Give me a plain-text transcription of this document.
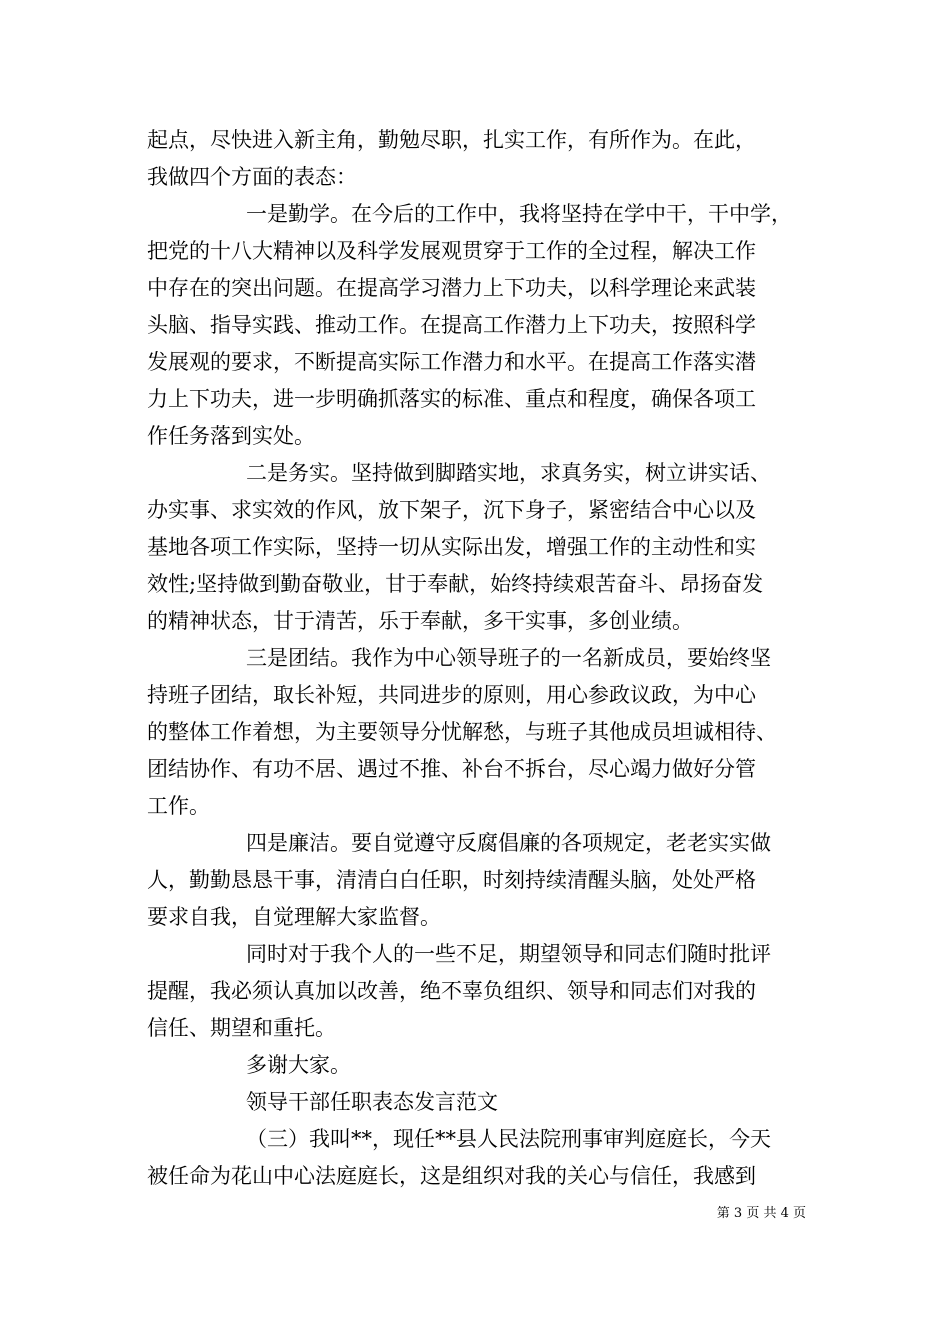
起点，尽快进入新主角，勤勉尽职，扎实工作，有所作为。在此，
我做四个方面的表态：
一是勤学。在今后的工作中，我将坚持在学中干，干中学，
把党的十八大精神以及科学发展观贯穿于工作的全过程，解决工作
中存在的突出问题。在提高学习潜力上下功夫，以科学理论来武装
头脑、指导实践、推动工作。在提高工作潜力上下功夫，按照科学
发展观的要求，不断提高实际工作潜力和水平。在提高工作落实潜
力上下功夫，进一步明确抓落实的标准、重点和程度，确保各项工
作任务落到实处。
二是务实。坚持做到脚踏实地，求真务实，树立讲实话、
办实事、求实效的作风，放下架子，沉下身子，紧密结合中心以及
基地各项工作实际，坚持一切从实际出发，增强工作的主动性和实
效性;坚持做到勤奋敬业，甘于奉献，始终持续艰苦奋斗、昂扬奋发
的精神状态，甘于清苦，乐于奉献，多干实事，多创业绩。
三是团结。我作为中心领导班子的一名新成员，要始终坚
持班子团结，取长补短，共同进步的原则，用心参政议政，为中心
的整体工作着想，为主要领导分忧解愁，与班子其他成员坦诚相待、
团结协作、有功不居、遇过不推、补台不拆台，尽心竭力做好分管
工作。
四是廉洁。要自觉遵守反腐倡廉的各项规定，老老实实做
人，勤勤恳恳干事，清清白白任职，时刻持续清醒头脑，处处严格
要求自我，自觉理解大家监督。
同时对于我个人的一些不足，期望领导和同志们随时批评
提醒，我必须认真加以改善，绝不辜负组织、领导和同志们对我的
信任、期望和重托。
多谢大家。
领导干部任职表态发言范文
（三）我叫**，现任**县人民法院刑事审判庭庭长，今天
被任命为花山中心法庭庭长，这是组织对我的关心与信任，我感到
第 3 页 共 4 页
